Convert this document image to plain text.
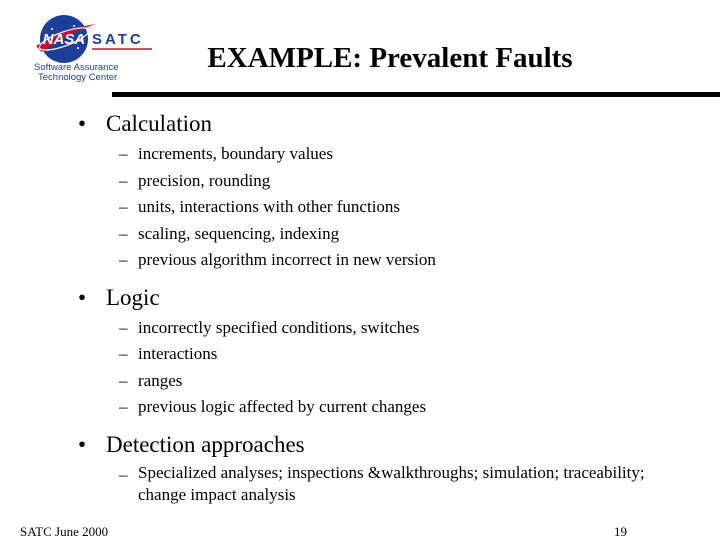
NASA SATC
Software Assurance
Technology Center
EXAMPLE: Prevalent Faults
• Calculation
– increments, boundary values
– precision, rounding
– units, interactions with other functions
– scaling, sequencing, indexing
– previous algorithm incorrect in new version
• Logic
– incorrectly specified conditions, switches
– interactions
– ranges
– previous logic affected by current changes
• Detection approaches
– Specialized analyses; inspections &walkthroughs; simulation; traceability; change impact analysis
SATC June 2000	19
